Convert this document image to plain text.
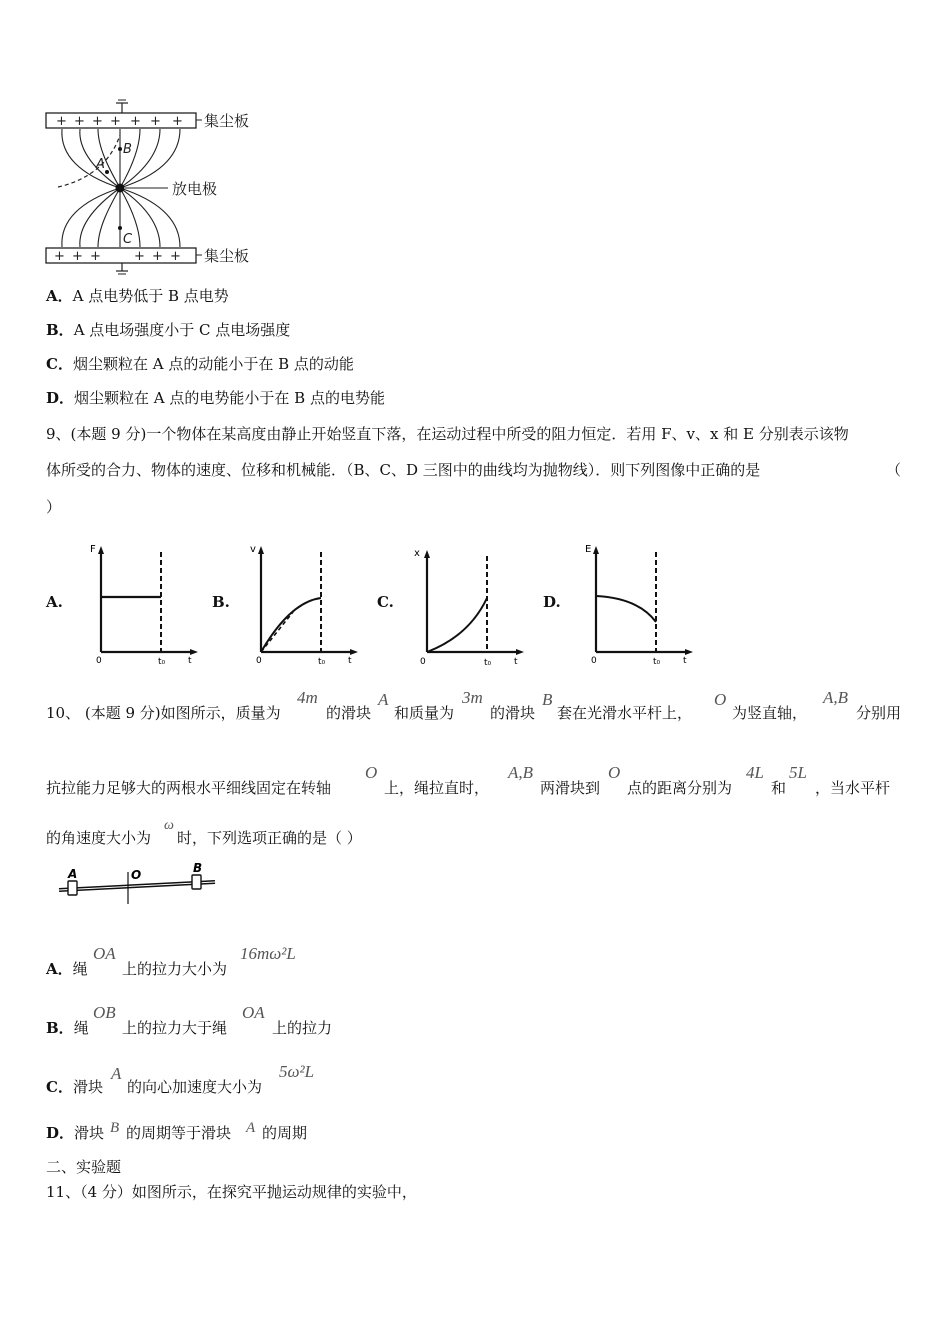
+ + + + + + +
+ + +	+ + +
A
B
C
集尘板
放电极
集尘板
A．A 点电势低于 B 点电势
B．A 点电场强度小于 C 点电场强度
C．烟尘颗粒在 A 点的动能小于在 B 点的动能
D．烟尘颗粒在 A 点的电势能小于在 B 点的电势能
9、(本题 9 分)一个物体在某高度由静止开始竖直下落，在运动过程中所受的阻力恒定．若用 F、v、x 和 E 分别表示该物
体所受的合力、物体的速度、位移和机械能．（B、C、D 三图中的曲线均为抛物线）．则下列图像中正确的是	（
）
A.	B.	C.	D.
F
0	t₀	t
v
0	t₀	t
x
0	t₀	t
E
0	t₀	t
10、 (本题 9 分)如图所示，质量为
4m
的滑块
A
和质量为
3m
的滑块
B
套在光滑水平杆上，
O
为竖直轴，
A,B
分别用
抗拉能力足够大的两根水平细线固定在转轴
O
上，绳拉直时，
A,B
两滑块到
O
点的距离分别为
4L
和
5L
，当水平杆
的角速度大小为
ω
时，下列选项正确的是（ ）
A	O	B
A．绳
OA
上的拉力大小为
16mω²L
B．绳
OB
上的拉力大于绳
OA
上的拉力
C．滑块
A
的向心加速度大小为
5ω²L
D．滑块 B 的周期等于滑块 A 的周期
二、实验题
11、（4 分）如图所示，在探究平抛运动规律的实验中，
